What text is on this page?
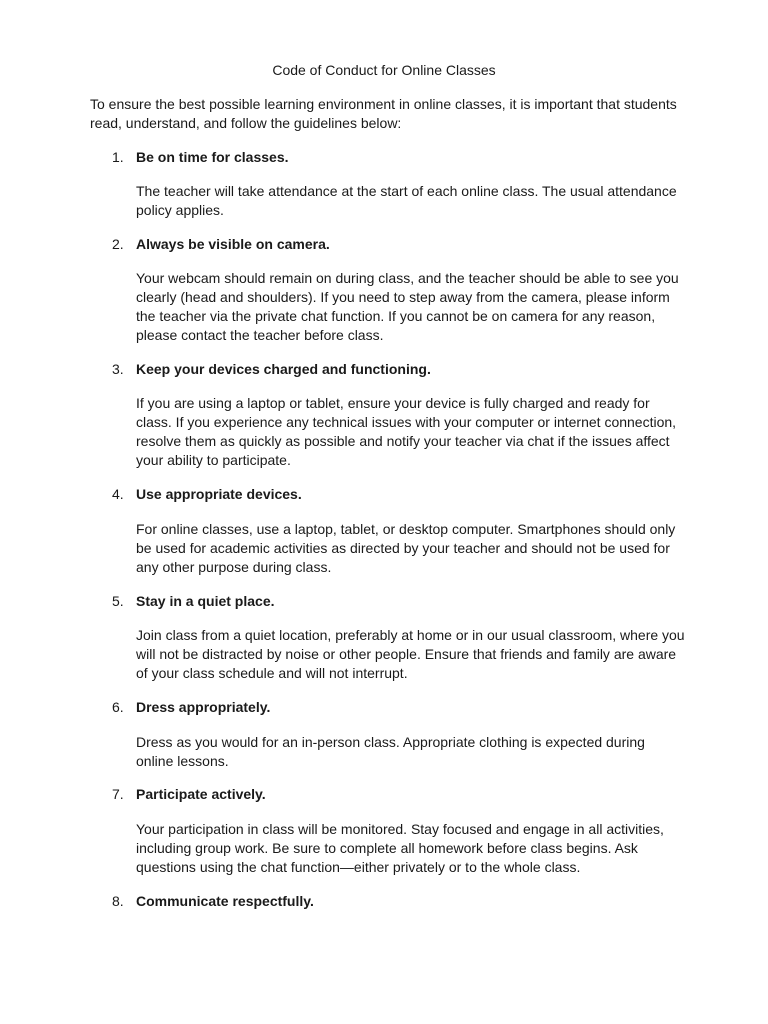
Code of Conduct for Online Classes
To ensure the best possible learning environment in online classes, it is important that students read, understand, and follow the guidelines below:
1. Be on time for classes.
The teacher will take attendance at the start of each online class. The usual attendance policy applies.
2. Always be visible on camera.
Your webcam should remain on during class, and the teacher should be able to see you clearly (head and shoulders). If you need to step away from the camera, please inform the teacher via the private chat function. If you cannot be on camera for any reason, please contact the teacher before class.
3. Keep your devices charged and functioning.
If you are using a laptop or tablet, ensure your device is fully charged and ready for class. If you experience any technical issues with your computer or internet connection, resolve them as quickly as possible and notify your teacher via chat if the issues affect your ability to participate.
4. Use appropriate devices.
For online classes, use a laptop, tablet, or desktop computer. Smartphones should only be used for academic activities as directed by your teacher and should not be used for any other purpose during class.
5. Stay in a quiet place.
Join class from a quiet location, preferably at home or in our usual classroom, where you will not be distracted by noise or other people. Ensure that friends and family are aware of your class schedule and will not interrupt.
6. Dress appropriately.
Dress as you would for an in-person class. Appropriate clothing is expected during online lessons.
7. Participate actively.
Your participation in class will be monitored. Stay focused and engage in all activities, including group work. Be sure to complete all homework before class begins. Ask questions using the chat function—either privately or to the whole class.
8. Communicate respectfully.
